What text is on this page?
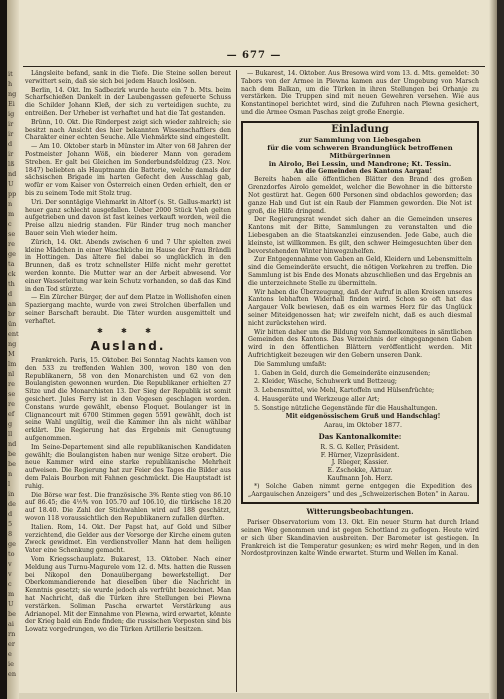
it
h
ng
Ei
ig
ir
ir
d
ir
lß
nd
U
pp
n
m
c
se
re
ge
ta
ck
th
d
an
br
ün
ent
ng
M
lm
nl
re
se
re
ef
g
ll
nd
be
be
n
l
in
de
d
5
8
ge
to
v
v
c
m
U
be
ai
rn
er
e
ie
en
— 677 —

Längsleite befand, sank in die Tiefe. Die Steine sollen bereut verwittert sein, daß sie sich bei jedem Hauch loslösen.

Berlin, 14. Okt. Im Sadbezirk wurde heute ein 7 b. Mts. beim Scharfschießen Dankelt in der Laubengassen gefeuerte Schuss die Schilder Johann Kleß, der sich zu verteidigen suchte, zu entreißen. Der Urheber ist verhaftet und hat die Tat gestanden.

Brünn, 10. Okt. Die Rinderpest zeigt sich wieder zahlreich; sie besitzt nach Ansicht des hier bekannten Wissenschaftlers den Charakter einer echten Seuche. Alle Viehmärkte sind eingestellt.

— Am 10. Oktober starb in Münster im Alter von 68 Jahren der Postmeister Johann Wöß, ein biederer Mann von geradem Streben. Er galt bei Gleichen im Sonderbundsfeldzug (23. Nov. 1847) beliebten als Hauptmann die Batterie, welche damals der sächsischen Brigade im harten Gefecht den Ausschlag gab, wofür er vom Kaiser von Österreich einen Orden erhielt, den er bis zu seinem Tode mit Stolz trug.

Uri. Der sonntägige Viehmarkt in Altorf (s. St. Gallus-markt) ist heuer ganz schlecht ausgefallen. Ueber 2000 Stück Vieh gelten aufgetrieben und davon ist fast keines verkauft worden, weil die Preise allzu niedrig standen. Für Rinder trug noch mancher Bauer sein Vieh wieder heim.

Zürich, 14. Okt. Abends zwischen 6 und 7 Uhr spielten zwei kleine Mädchen in einer Waschküche im Hause der Frau Brändli in Hottingen. Das ältere fiel dabei so unglücklich in den Brunnen, daß es trotz schnellster Hilfe nicht mehr gerettet werden konnte. Die Mutter war an der Arbeit abwesend. Vor einer Wasserleitung war kein Schutz vorhanden, so daß das Kind in den Tod stürzte.

— Ein Zürcher Bürger, der auf dem Platze in Wollishofen einen Spaziergang machte, wurde von zwei Strolchen überfallen und seiner Barschaft beraubt. Die Täter wurden ausgemittelt und verhaftet.

✱ ✱ ✱
Ausland.

Frankreich. Paris, 15. Oktober. Bei Sonntag Nachts kamen von den 533 zu treffenden Wahlen 300, wovon 180 von den Republikanern, 58 von den Monarchisten und 62 von den Boulangisten gewonnen wurden. Die Republikaner erhielten 27 Sitze und die Monarchisten 13. Der Sieg der Republik ist somit gesichert. Jules Ferry ist in den Vogesen geschlagen worden. Constans wurde gewählt, ebenso Floquet. Boulanger ist in Clignancourt mit 6700 Stimmen gegen 5591 gewählt, doch ist seine Wahl ungültig, weil die Kammer ihn als nicht wählbar erklärt. Die Regierung hat das Ergebnis mit Genugtuung aufgenommen.

Im Seine-Departement sind alle republikanischen Kandidaten gewählt; die Boulangisten haben nur wenige Sitze erobert. Die neue Kammer wird eine starke republikanische Mehrheit aufweisen. Die Regierung hat zur Feier des Tages die Bilder aus dem Palais Bourbon mit Fahnen geschmückt. Die Hauptstadt ist ruhig.

Die Börse war fest. Die französische 3% Rente stieg von 86.10 auf 86.45; die 4½% von 105.70 auf 106.10, die türkische 18.20 auf 18.40. Die Zahl der Stichwahlen wird auf 188 geschätzt, wovon 118 voraussichtlich den Republikanern zufallen dürften.

Italien. Rom, 14. Okt. Der Papst hat, auf Gold und Silber verzichtend, die Gelder aus der Vorsorge der Kirche einem guten Zweck gewidmet. Ein verdienstvoller Mann hat dem heiligen Vater eine Schenkung gemacht.

Vom Kriegsschauplatz. Bukarest, 13. Oktober. Nach einer Meldung aus Turnu-Magurele vom 12. d. Mts. hatten die Russen bei Nikopol den Donauübergang bewerkstelligt. Der Oberkommandierende hat dieselben über die Nachricht in Kenntnis gesetzt; sie wurde jedoch als verfrüht bezeichnet. Man hat Nachricht, daß die Türken ihre Stellungen bei Plewna verstärken. Soliman Pascha erwartet Verstärkung aus Adrianopel. Mit der Einnahme von Plewna, wird erwartet, könnte der Krieg bald ein Ende finden; die russischen Vorposten sind bis Lowatz vorgedrungen, wo die Türken Artillerie besitzen.

— Bukarest, 14. Oktober. Aus Bresowa wird vom 13. d. Mts. gemeldet: 30 Tabors von der Armee in Plewna kamen aus der Umgebung von Marsch nach dem Balkan, um die Türken in ihren Stellungen bei Orhanje zu verstärken. Die Truppen sind mit neuen Gewehren versehen. Wie aus Konstantinopel berichtet wird, sind die Zufuhren nach Plewna gesichert, und die Armee Osman Paschas zeigt große Energie.

Einladung
zur Sammlung von Liebesgaben
für die vom schweren Brandunglück betroffenen Mitbürgerinnen
in Airolo, Bei Lessin, und Mandrone; Kt. Tessin.

An die Gemeinden des Kantons Aargau!

Bereits haben alle öffentlichen Blätter den Brand des großen Grenzdorfes Airolo gemeldet, welcher die Bewohner in die bitterste Not gestürzt hat. Gegen 600 Personen sind obdachlos geworden; das ganze Hab und Gut ist ein Raub der Flammen geworden. Die Not ist groß, die Hilfe dringend.

Der Regierungsrat wendet sich daher an die Gemeinden unseres Kantons mit der Bitte, Sammlungen zu veranstalten und die Liebesgaben an die Staatskanzlei einzusenden. Jede Gabe, auch die kleinste, ist willkommen. Es gilt, den schwer Heimgesuchten über den bevorstehenden Winter hinwegzuhelfen.

Zur Entgegennahme von Gaben an Geld, Kleidern und Lebensmitteln sind die Gemeinderäte ersucht, die nötigen Vorkehren zu treffen. Die Sammlung ist bis Ende des Monats abzuschließen und das Ergebnis an die unterzeichnete Stelle zu übermitteln.

Wir haben die Überzeugung, daß der Aufruf in allen Kreisen unseres Kantons lebhaften Widerhall finden wird. Schon so oft hat das Aargauer Volk bewiesen, daß es ein warmes Herz für das Unglück seiner Miteidgenossen hat; wir zweifeln nicht, daß es auch diesmal nicht zurückstehen wird.

Wir bitten daher um die Bildung von Sammelkomitees in sämtlichen Gemeinden des Kantons. Das Verzeichnis der eingegangenen Gaben wird in den öffentlichen Blättern veröffentlicht werden. Mit Aufrichtigkeit bezeugen wir den Gebern unseren Dank.

Die Sammlung umfaßt:

1. Gaben in Geld, durch die Gemeinderäte einzusenden;

2. Kleider, Wäsche, Schuhwerk und Bettzeug;

3. Lebensmittel, wie Mehl, Kartoffeln und Hülsenfrüchte;

4. Hausgeräte und Werkzeuge aller Art;

5. Sonstige nützliche Gegenstände für die Haushaltungen.

Mit eidgenössischem Gruß und Handschlag!

Aarau, im Oktober 1877.

Das Kantonalkomite:
R. S. G. Keller, Präsident.
F. Hürner, Vizepräsident.
J. Rüeger, Kassier.
E. Zschokke, Aktuar.
Kaufmann Joh. Herz.

*) Solche Gaben nimmt gerne entgegen die Expedition des „Aargauischen Anzeigers“ und des „Schweizerischen Boten“ in Aarau.

Witterungsbeobachtungen.

Pariser Observatorium vom 13. Okt. Ein neuer Sturm hat durch Irland seinen Weg genommen und ist gegen Schottland zu geflogen. Heute wird er sich über Skandinavien ausbreiten. Der Barometer ist gestiegen. In Frankreich ist die Temperatur gesunken; es wird mehr Regen, und in den Nordostprovinzen kalte Winde erwartet. Sturm und Wellen im Kanal.
